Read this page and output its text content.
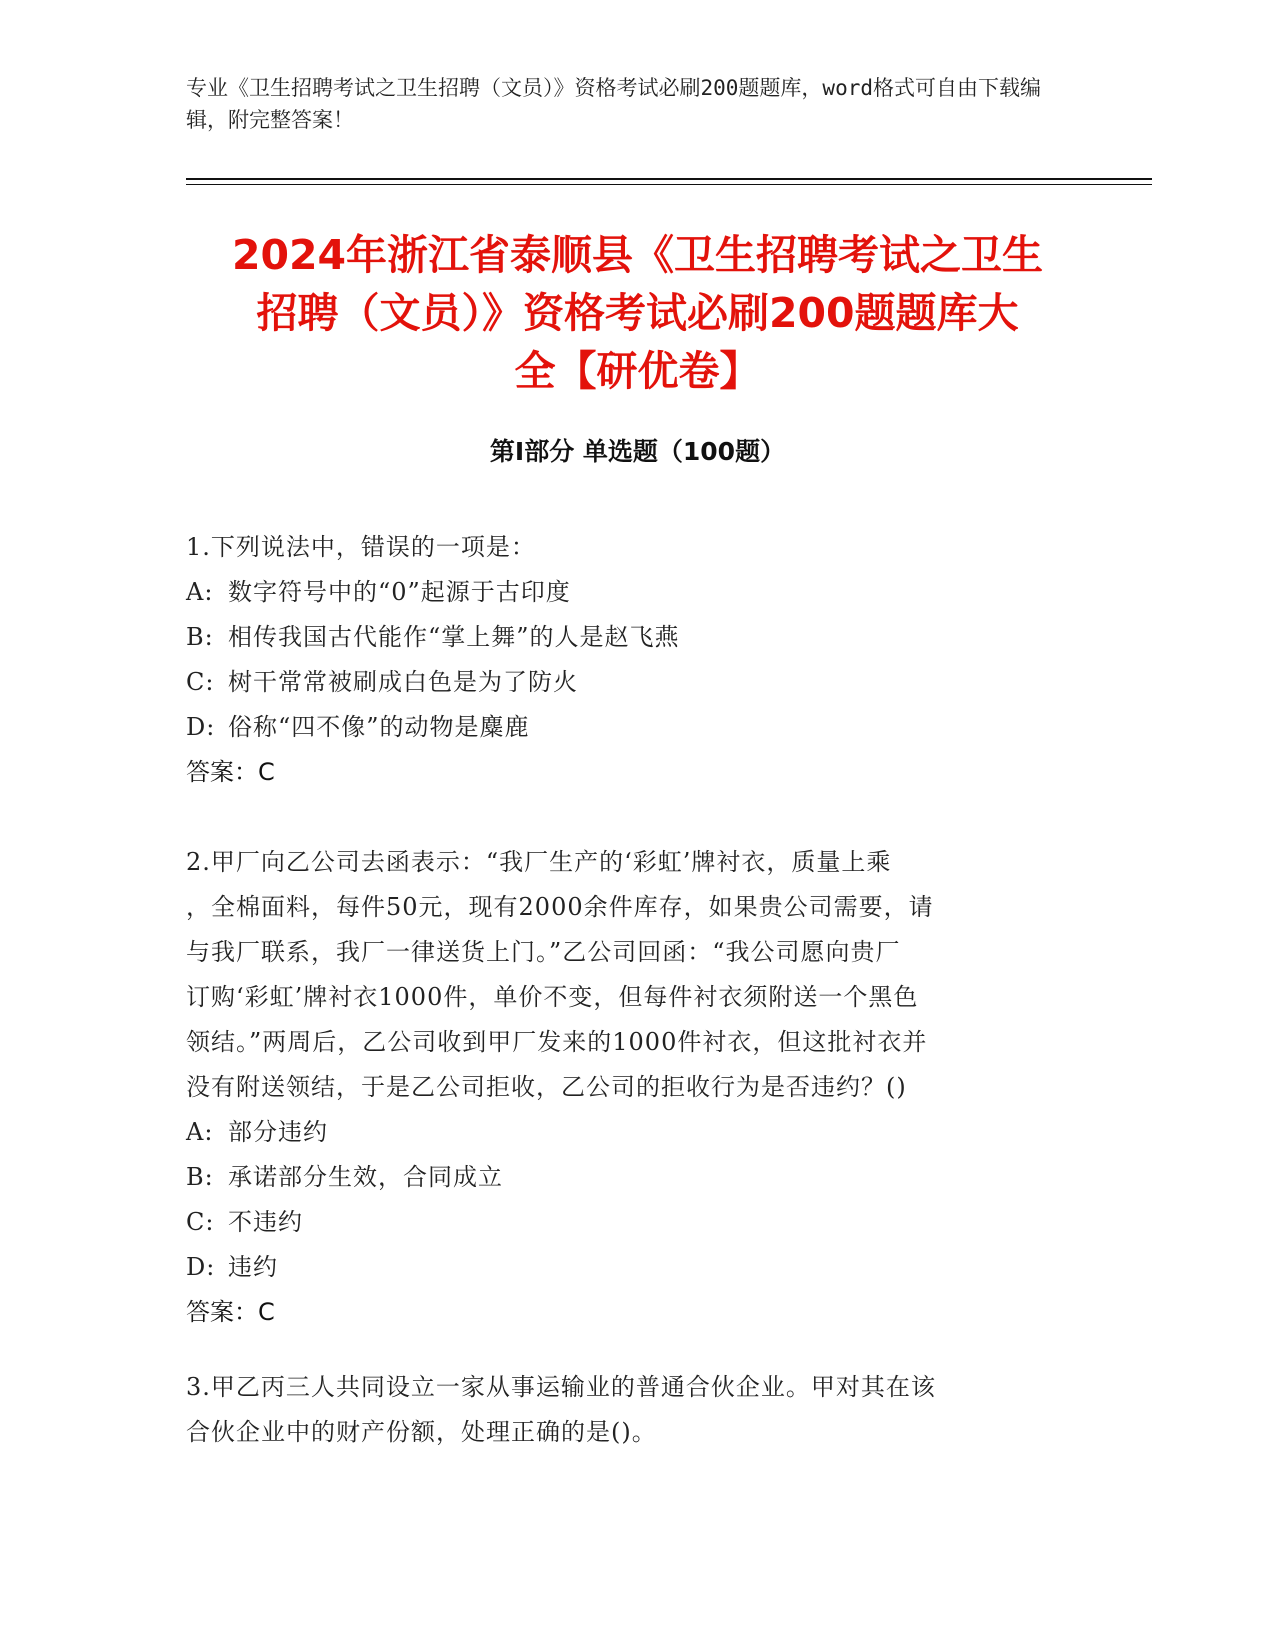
专业《卫生招聘考试之卫生招聘（文员）》资格考试必刷200题题库，word格式可自由下载编辑，附完整答案！
2024年浙江省泰顺县《卫生招聘考试之卫生
招聘（文员）》资格考试必刷200题题库大
全【研优卷】
第Ⅰ部分 单选题（100题）

1.下列说法中，错误的一项是：

A: 数字符号中的“0”起源于古印度

B: 相传我国古代能作“掌上舞”的人是赵飞燕

C: 树干常常被刷成白色是为了防火

D: 俗称“四不像”的动物是麋鹿

答案：C

2.甲厂向乙公司去函表示：“我厂生产的‘彩虹’牌衬衣，质量上乘

，全棉面料，每件50元，现有2000余件库存，如果贵公司需要，请

与我厂联系，我厂一律送货上门。”乙公司回函：“我公司愿向贵厂

订购‘彩虹’牌衬衣1000件，单价不变，但每件衬衣须附送一个黑色

领结。”两周后，乙公司收到甲厂发来的1000件衬衣，但这批衬衣并

没有附送领结，于是乙公司拒收，乙公司的拒收行为是否违约？()

A: 部分违约

B: 承诺部分生效，合同成立

C: 不违约

D: 违约

答案：C

3.甲乙丙三人共同设立一家从事运输业的普通合伙企业。甲对其在该

合伙企业中的财产份额，处理正确的是()。
